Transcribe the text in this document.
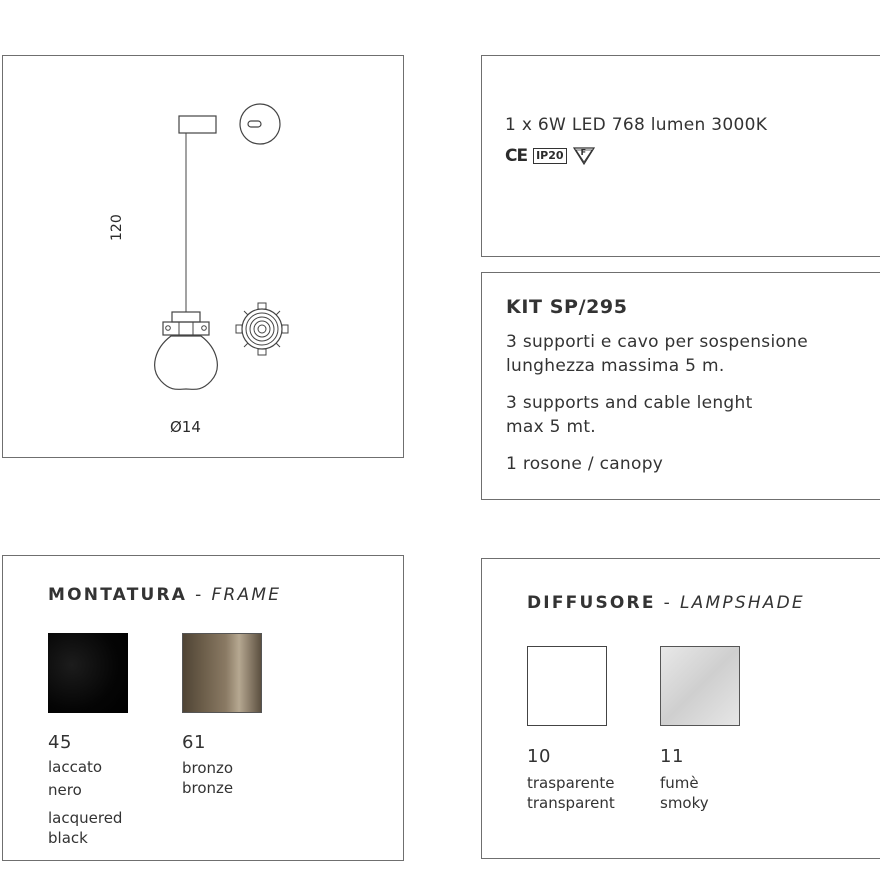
120
Ø14
1 x 6W LED 768 lumen 3000K
CE IP20	F
KIT SP/295
3 supporti e cavo per sospensione
lunghezza massima 5 m.
3 supports and cable lenght
max 5 mt.
1 rosone / canopy
MONTATURA - FRAME
45
laccato
nero
lacquered
black
61
bronzo
bronze
DIFFUSORE - LAMPSHADE
10
trasparente
transparent
11
fumè
smoky
